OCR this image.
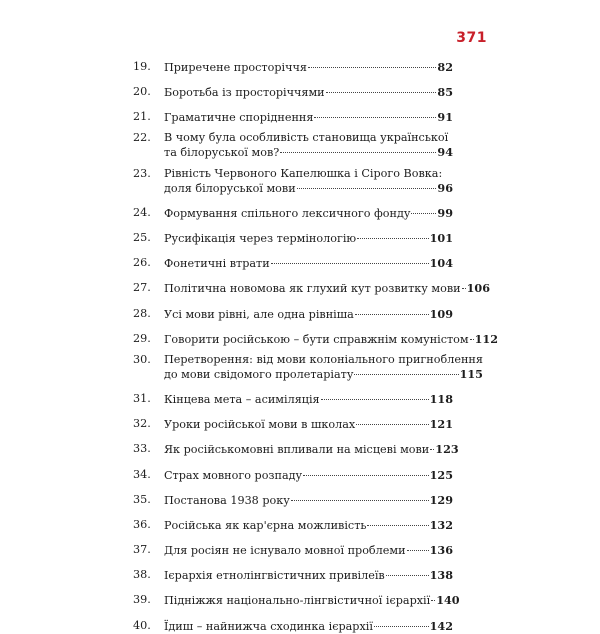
371
19.	Приречене просторіччя	82
20.	Боротьба із просторіччями	85
21.	Граматичне споріднення	91
22.	В чому була особливість становища української
та білоруської мов?	94
23.	Рівність Червоного Капелюшка і Сірого Вовка:
доля білоруської мови	96
24.	Формування спільного лексичного фонду 99
25.	Русифікація через термінологію	101
26.	Фонетичні втрати	104
27.	Політична новомова як глухий кут розвитку мови 106
28.	Усі мови рівні, але одна рівніша	109
29.	Говорити російською – бути справжнім комуністом 112
30.	Перетворення: від мови колоніального пригноблення
до мови свідомого пролетаріату	115
31.	Кінцева мета – асиміляція	118
32.	Уроки російської мови в школах	121
33.	Як російськомовні впливали на місцеві мови 123
34.	Страх мовного розпаду	125
35.	Постанова 1938 року	129
36.	Російська як кар'єрна можливість	132
37.	Для росіян не існувало мовної проблеми 136
38.	Ієрархія етнолінгвістичних привілеїв	138
39.	Підніжжя національно-лінгвістичної ієрархії 140
40.	Їдиш – найнижча сходинка ієрархії	142
